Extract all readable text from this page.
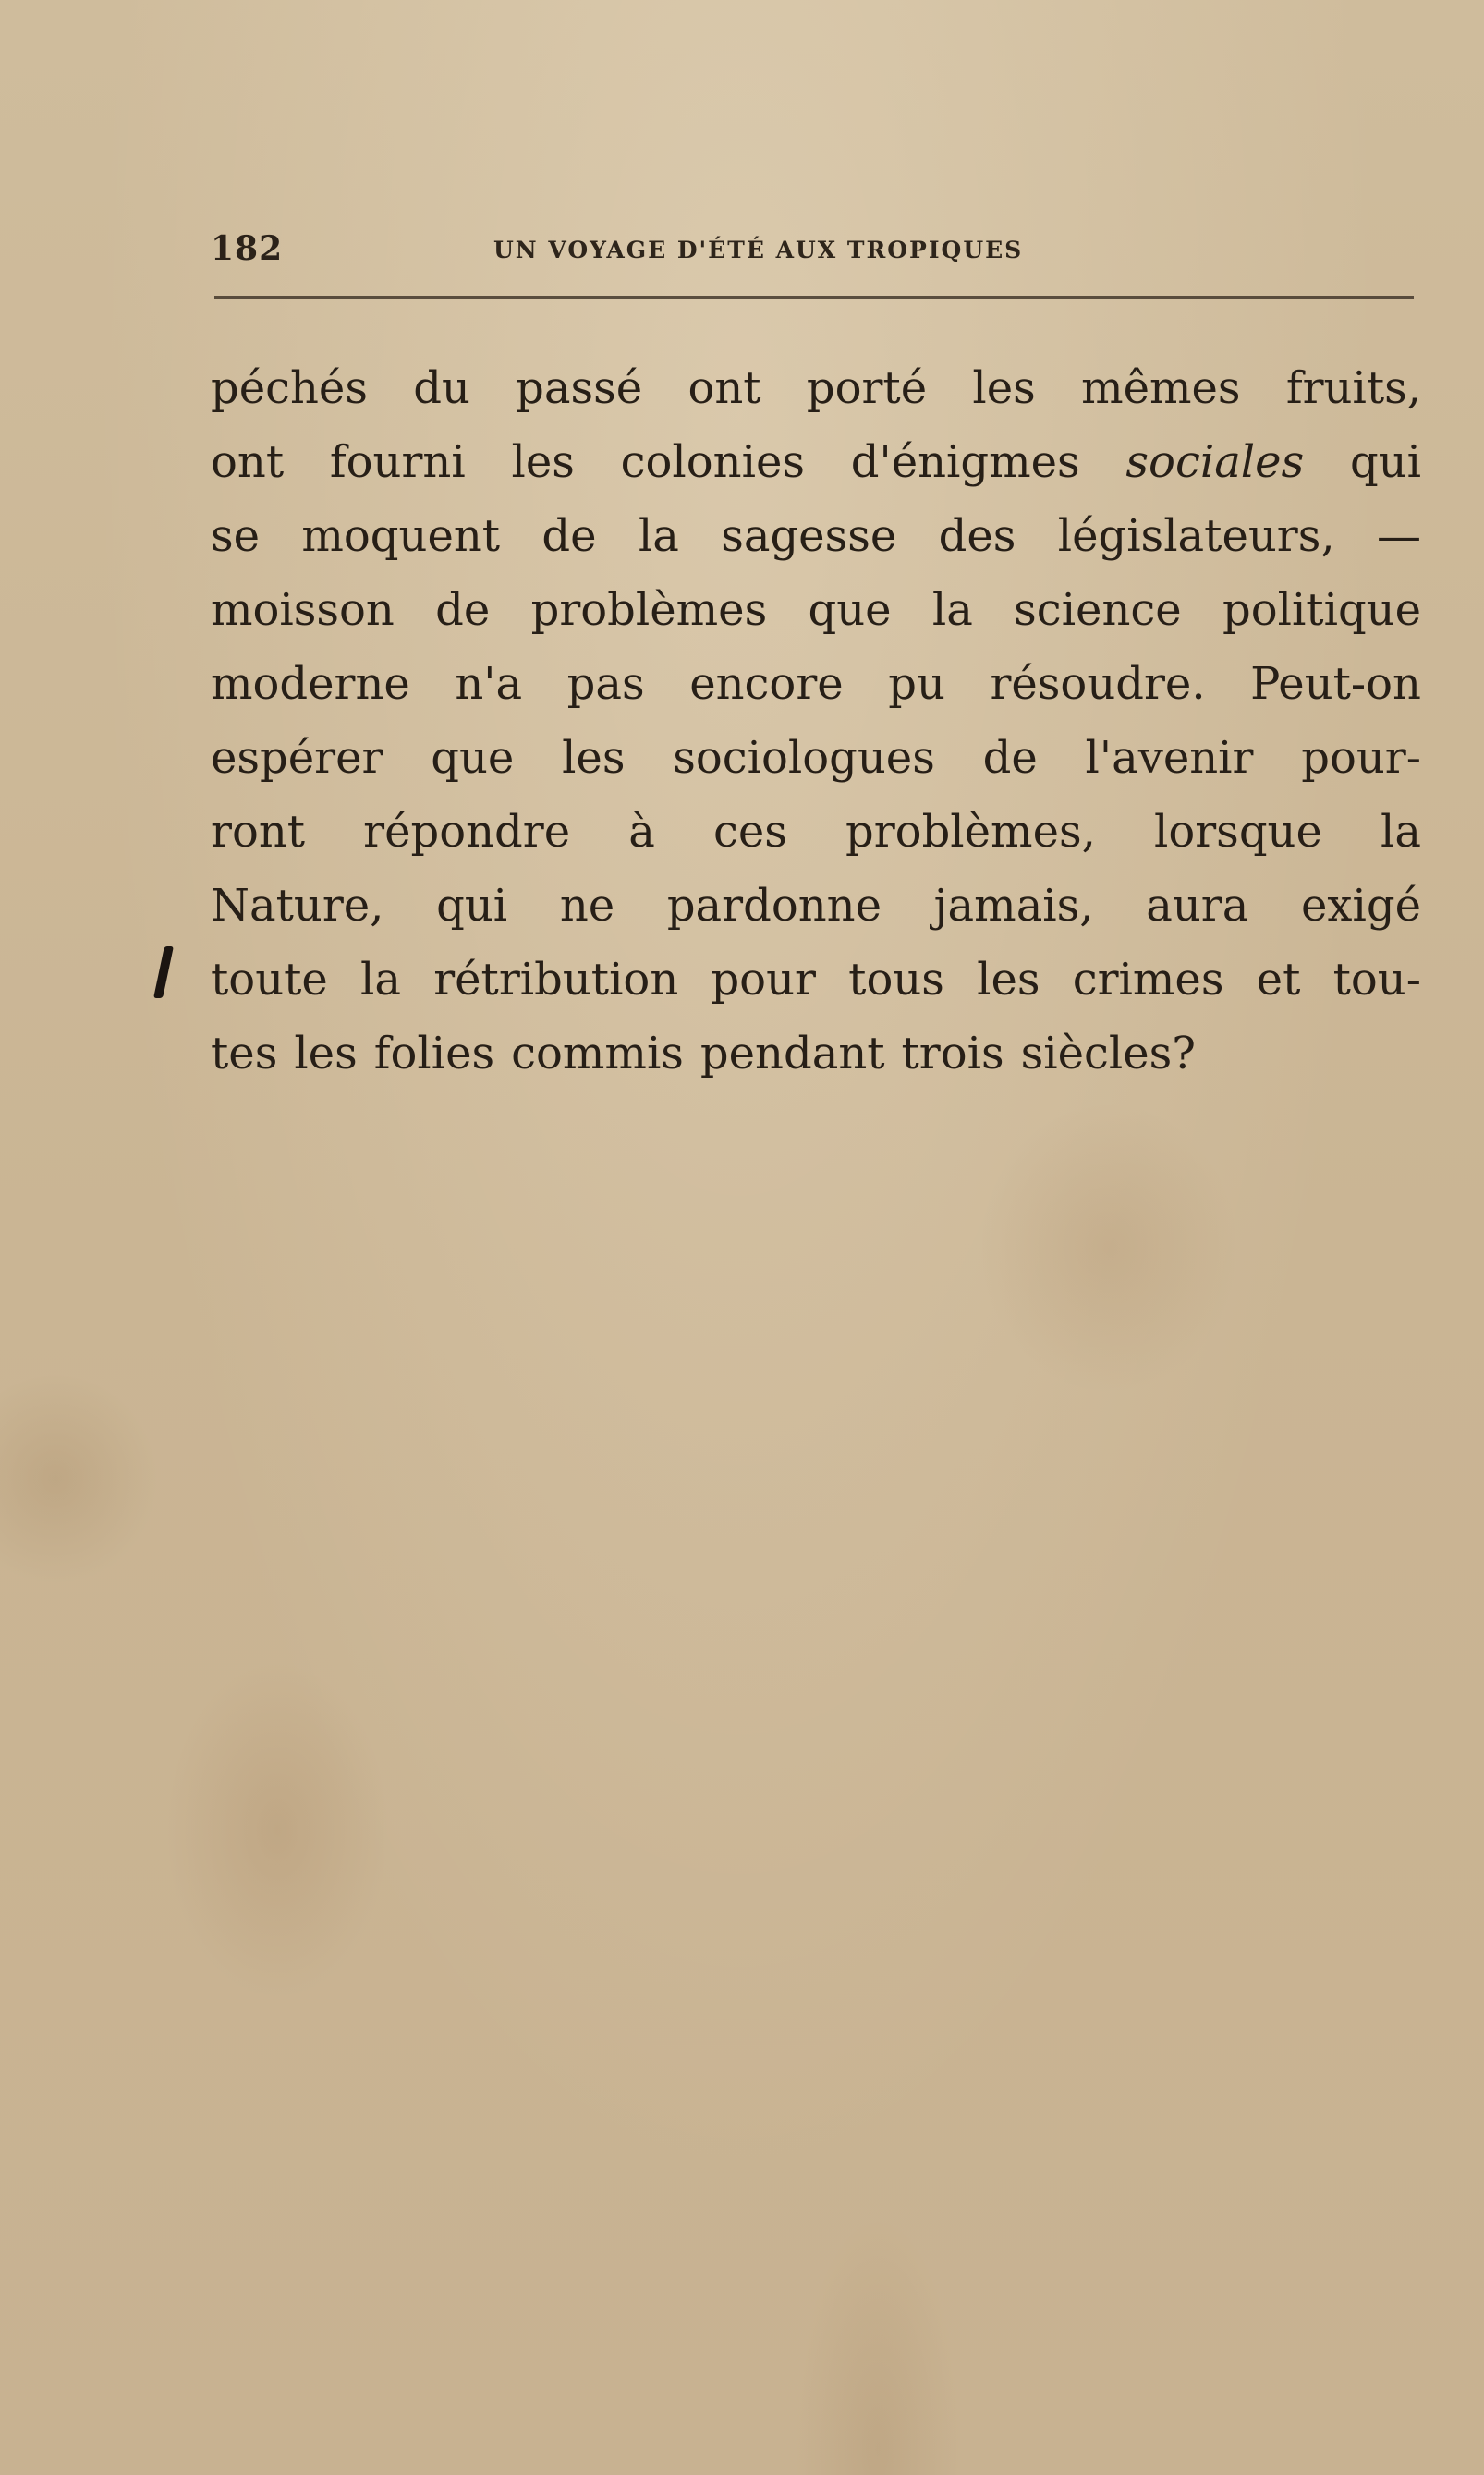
182	UN VOYAGE D'ÉTÉ AUX TROPIQUES
péchés du passé ont porté les mêmes fruits,
ont fourni les colonies d'énigmes sociales qui
se moquent de la sagesse des législateurs, —
moisson de problèmes que la science politique
moderne n'a pas encore pu résoudre. Peut-on
espérer que les sociologues de l'avenir pour-
ront répondre à ces problèmes, lorsque la
Nature, qui ne pardonne jamais, aura exigé
toute la rétribution pour tous les crimes et tou-
tes les folies commis pendant trois siècles?
